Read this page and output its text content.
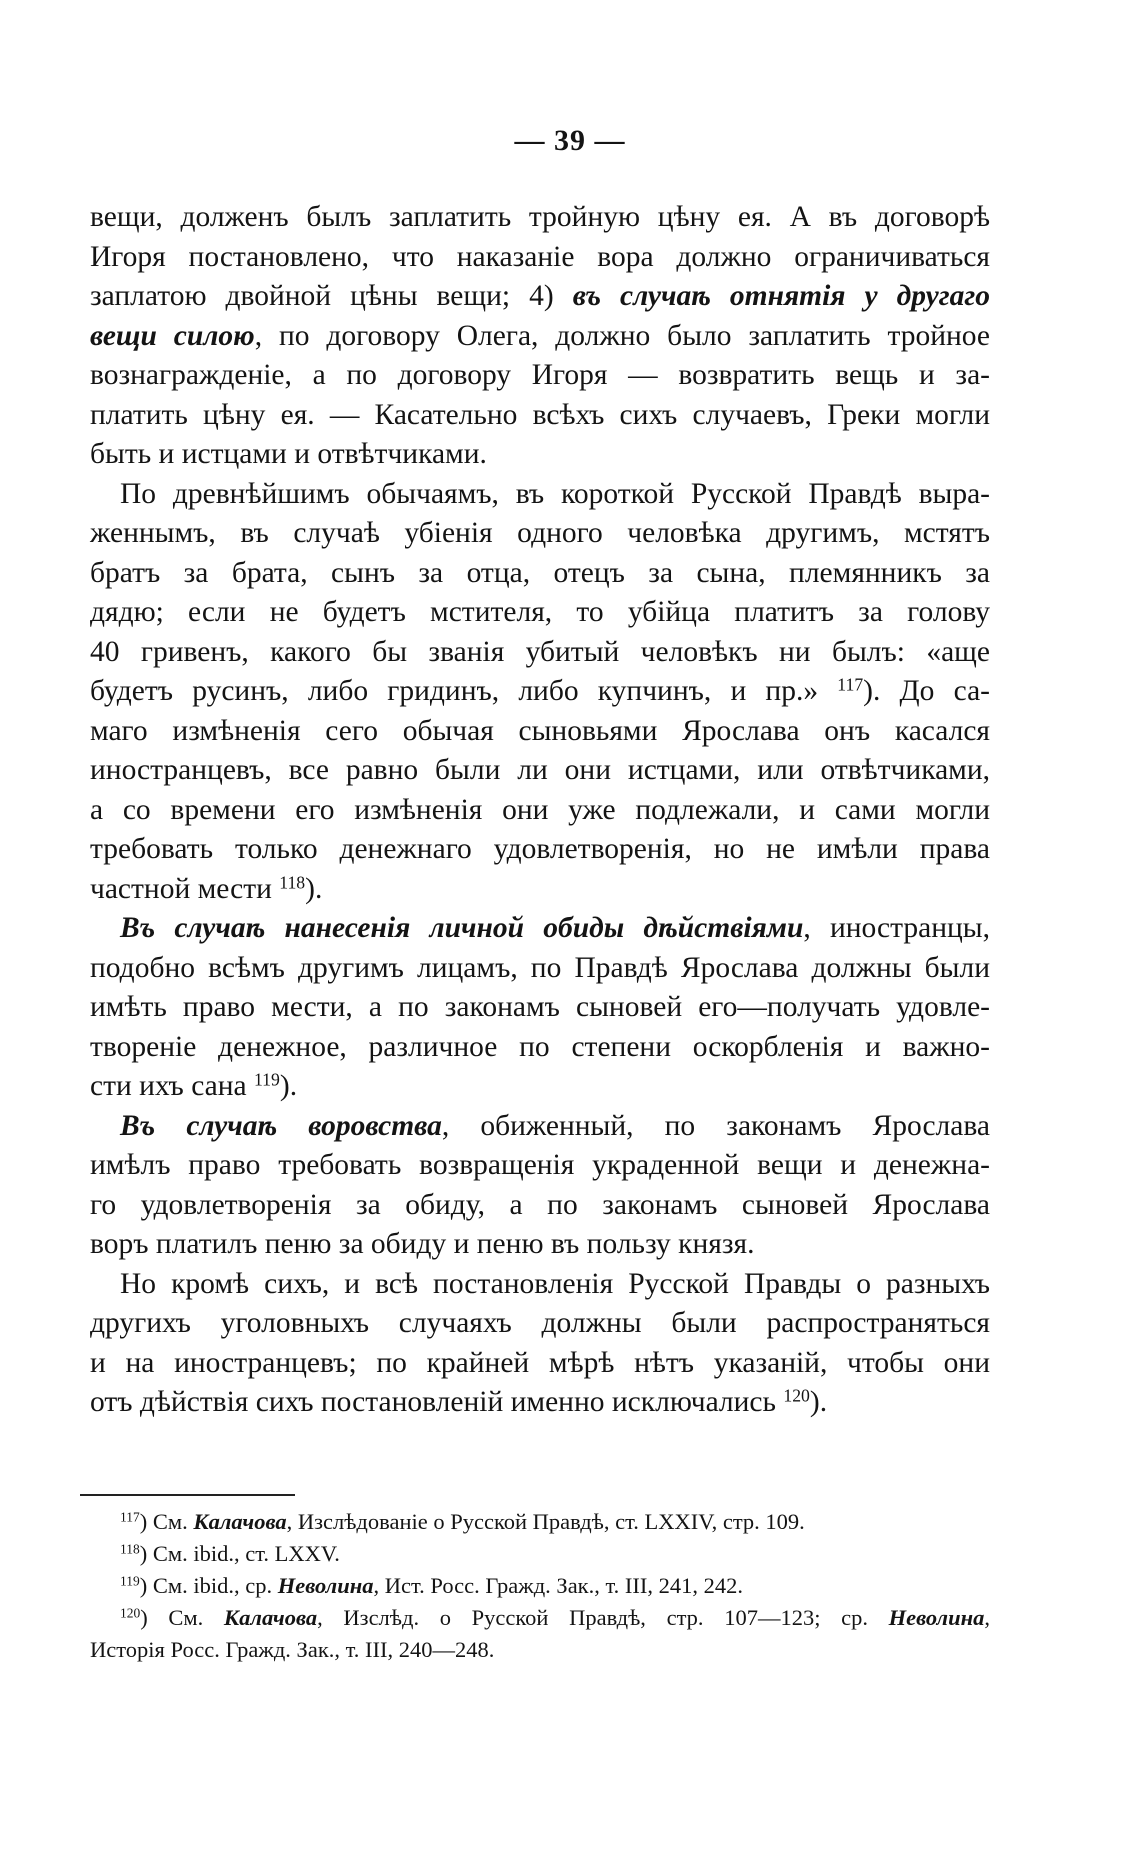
— 39 —
вещи, долженъ былъ заплатить тройную цѣну ея. А въ договорѣ
Игоря постановлено, что наказаніе вора должно ограничиваться
заплатою двойной цѣны вещи; 4) въ случаѣ отнятія у другаго
вещи силою, по договору Олега, должно было заплатить тройное
вознагражденіе, а по договору Игоря — возвратить вещь и за-
платить цѣну ея. — Касательно всѣхъ сихъ случаевъ, Греки могли
быть и истцами и отвѣтчиками.
По древнѣйшимъ обычаямъ, въ короткой Русской Правдѣ выра-
женнымъ, въ случаѣ убіенія одного человѣка другимъ, мстятъ
братъ за брата, сынъ за отца, отецъ за сына, племянникъ за
дядю; если не будетъ мстителя, то убійца платитъ за голову
40 гривенъ, какого бы званія убитый человѣкъ ни былъ: «аще
будетъ русинъ, либо гридинъ, либо купчинъ, и пр.» $^{117}$). До са-
маго измѣненія сего обычая сыновьями Ярослава онъ касался
иностранцевъ, все равно были ли они истцами, или отвѣтчиками,
а со времени его измѣненія они уже подлежали, и сами могли
требовать только денежнаго удовлетворенія, но не имѣли права
частной мести $^{118}$).
Въ случаѣ нанесенія личной обиды дѣйствіями, иностранцы,
подобно всѣмъ другимъ лицамъ, по Правдѣ Ярослава должны были
имѣть право мести, а по законамъ сыновей его—получать удовле-
твореніе денежное, различное по степени оскорбленія и важно-
сти ихъ сана $^{119}$).
Въ случаѣ воровства, обиженный, по законамъ Ярослава
имѣлъ право требовать возвращенія украденной вещи и денежна-
го удовлетворенія за обиду, а по законамъ сыновей Ярослава
воръ платилъ пеню за обиду и пеню въ пользу князя.
Но кромѣ сихъ, и всѣ постановленія Русской Правды о разныхъ
другихъ уголовныхъ случаяхъ должны были распространяться
и на иностранцевъ; по крайней мѣрѣ нѣтъ указаній, чтобы они
отъ дѣйствія сихъ постановленій именно исключались $^{120}$).
$^{117}$) См. Калачова, Изслѣдованіе о Русской Правдѣ, ст. LXXIV, стр. 109.
$^{118}$) См. ibid., ст. LXXV.
$^{119}$) См. ibid., ср. Неволина, Ист. Росс. Гражд. Зак., т. III, 241, 242.
$^{120}$) См. Калачова, Изслѣд. о Русской Правдѣ, стр. 107—123; ср. Неволина,
Исторія Росс. Гражд. Зак., т. III, 240—248.
